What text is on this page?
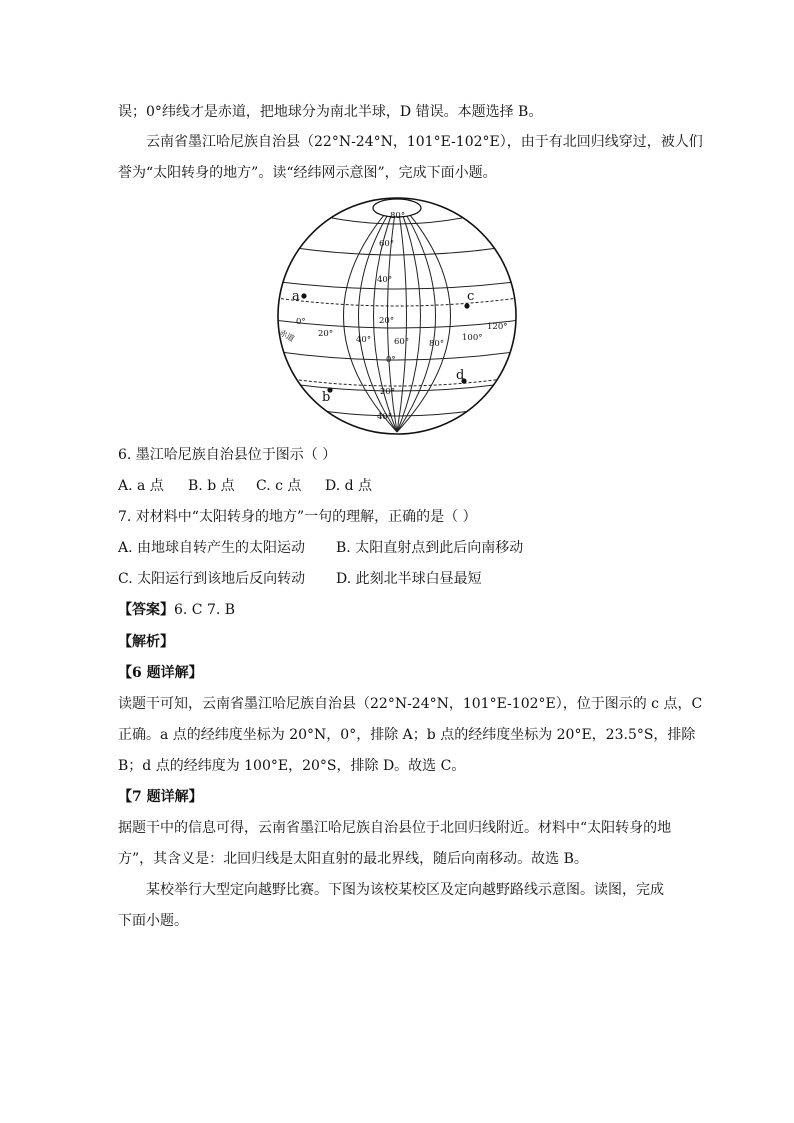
误；0°纬线才是赤道，把地球分为南北半球，D 错误。本题选择 B。
云南省墨江哈尼族自治县（22°N-24°N，101°E-102°E），由于有北回归线穿过，被人们
誉为“太阳转身的地方”。读“经纬网示意图”，完成下面小题。
80°
60°
40°
20°
0°
20°
40°
0°
20°
40°	60° 80°
100°
120°
赤道
a
b
c
d
6. 墨江哈尼族自治县位于图示（ ）
A. a 点 B. b 点 C. c 点 D. d 点
7. 对材料中“太阳转身的地方”一句的理解，正确的是（ ）
A. 由地球自转产生的太阳运动 B. 太阳直射点到此后向南移动
C. 太阳运行到该地后反向转动 D. 此刻北半球白昼最短
【答案】6. C 7. B
【解析】
【6 题详解】
读题干可知，云南省墨江哈尼族自治县（22°N-24°N，101°E-102°E），位于图示的 c 点，C
正确。a 点的经纬度坐标为 20°N，0°，排除 A；b 点的经纬度坐标为 20°E，23.5°S，排除
B；d 点的经纬度为 100°E，20°S，排除 D。故选 C。
【7 题详解】
据题干中的信息可得，云南省墨江哈尼族自治县位于北回归线附近。材料中“太阳转身的地
方”，其含义是：北回归线是太阳直射的最北界线，随后向南移动。故选 B。
某校举行大型定向越野比赛。下图为该校某校区及定向越野路线示意图。读图，完成
下面小题。
